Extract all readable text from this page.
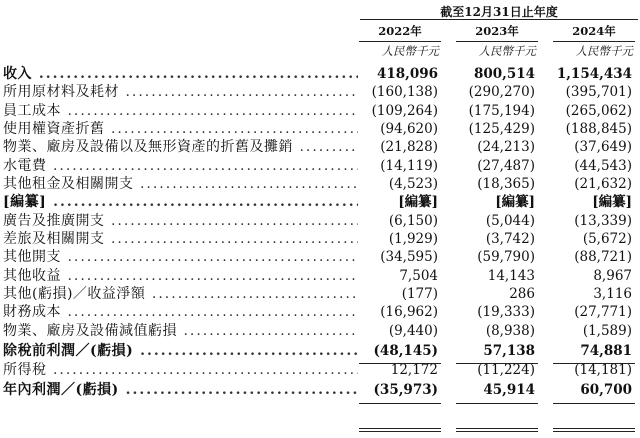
截至12月31日止年度
2022年
人民幣千元
2023年
人民幣千元
2024年
人民幣千元
收入 .....	418,096	800,514	1,154,434
所用原材料及耗材 .....	(160,138)	(290,270)	(395,701)
員工成本 .....	(109,264)	(175,194)	(265,062)
使用權資產折舊 .....	(94,620)	(125,429)	(188,845)
物業、廠房及設備以及無形資產的折舊及攤銷 .....	(21,828)	(24,213)	(37,649)
水電費 .....	(14,119)	(27,487)	(44,543)
其他租金及相關開支 .....	(4,523)	(18,365)	(21,632)
[編纂] .....	[編纂]	[編纂]	[編纂]
廣告及推廣開支 .....	(6,150)	(5,044)	(13,339)
差旅及相關開支 .....	(1,929)	(3,742)	(5,672)
其他開支 .....	(34,595)	(59,790)	(88,721)
其他收益 .....	7,504	14,143	8,967
其他(虧損)／收益淨額 .....	(177)	286	3,116
財務成本 .....	(16,962)	(19,333)	(27,771)
物業、廠房及設備減值虧損 .....	(9,440)	(8,938)	(1,589)
除稅前利潤／(虧損) .....	(48,145)	57,138	74,881
所得稅 .....	12,172	(11,224)	(14,181)
年內利潤／(虧損) .....	(35,973)	45,914	60,700
